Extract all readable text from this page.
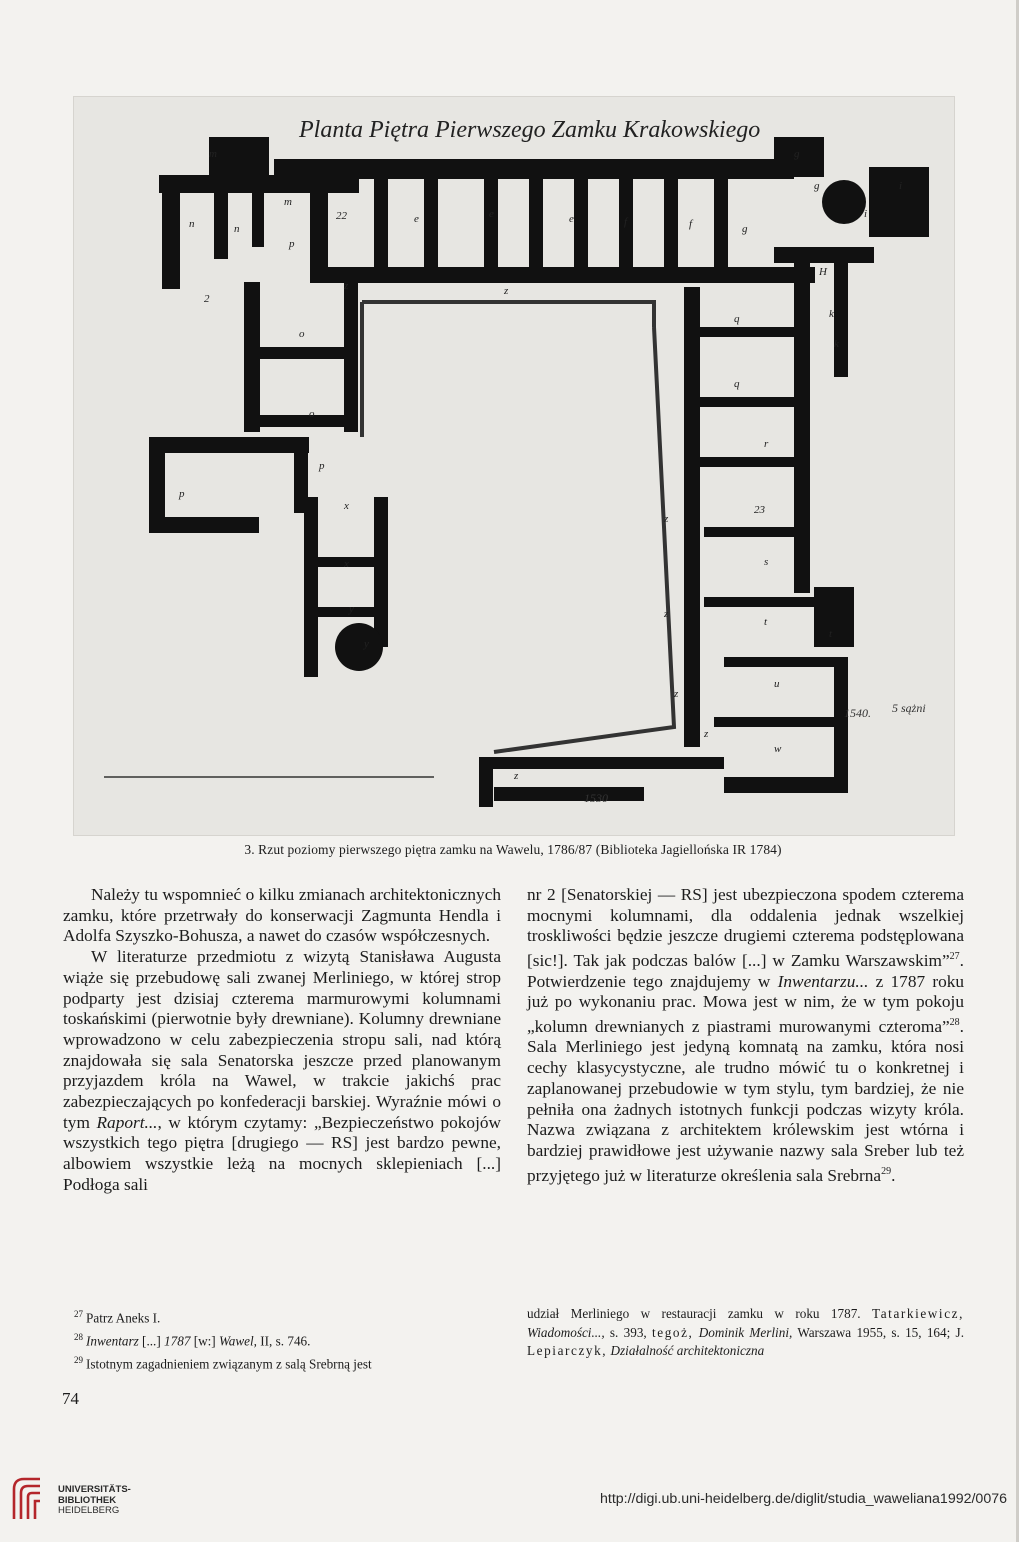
Planta Piętra Pierwszego Zamku Krakowskiego
m
m
n	n
p
o
o
p
p
x
x
y
y
e	e	e	f	f
g
g
g
i
i
H
k
k
q
q
r
s
t
t
u
w
z	z
z
z
z
z
z
22
23
2
1540. 5 sążni
1530
3. Rzut poziomy pierwszego piętra zamku na Wawelu, 1786/87 (Biblioteka Jagiellońska IR 1784)

Należy tu wspomnieć o kilku zmianach architektonicznych zamku, które przetrwały do konserwacji Zagmunta Hendla i Adolfa Szyszko-Bohusza, a nawet do czasów współczesnych.

W literaturze przedmiotu z wizytą Stanisława Augusta wiąże się przebudowę sali zwanej Merliniego, w której strop podparty jest dzisiaj czterema marmurowymi kolumnami toskańskimi (pierwotnie były drewniane). Kolumny drewniane wprowadzono w celu zabezpieczenia stropu sali, nad którą znajdowała się sala Senatorska jeszcze przed planowanym przyjazdem króla na Wawel, w trakcie jakichś prac zabezpieczających po konfederacji barskiej. Wyraźnie mówi o tym Raport..., w którym czytamy: „Bezpieczeństwo pokojów wszystkich tego piętra [drugiego — RS] jest bardzo pewne, albowiem wszystkie leżą na mocnych sklepieniach [...] Podłoga sali

nr 2 [Senatorskiej — RS] jest ubezpieczona spodem czterema mocnymi kolumnami, dla oddalenia jednak wszelkiej troskliwości będzie jeszcze drugiemi czterema podstęplowana [sic!]. Tak jak podczas balów [...] w Zamku Warszawskim”$^{27}$. Potwierdzenie tego znajdujemy w Inwentarzu... z 1787 roku już po wykonaniu prac. Mowa jest w nim, że w tym pokoju „kolumn drewnianych z piastrami murowanymi czteroma”$^{28}$. Sala Merliniego jest jedyną komnatą na zamku, która nosi cechy klasycystyczne, ale trudno mówić tu o konkretnej i zaplanowanej przebudowie w tym stylu, tym bardziej, że nie pełniła ona żadnych istotnych funkcji podczas wizyty króla. Nazwa związana z architektem królewskim jest wtórna i bardziej prawidłowe jest używanie nazwy sala Sreber lub też przyjętego już w literaturze określenia sala Srebrna$^{29}$.

$^{27}$ Patrz Aneks I.

$^{28}$ Inwentarz [...] 1787 [w:] Wawel, II, s. 746.

$^{29}$ Istotnym zagadnieniem związanym z salą Srebrną jest

udział Merliniego w restauracji zamku w roku 1787. Tatarkiewicz, Wiadomości..., s. 393, tegoż, Dominik Merlini, Warszawa 1955, s. 15, 164; J. Lepiarczyk, Działalność architektoniczna

74
UNIVERSITÄTS-
BIBLIOTHEK
HEIDELBERG
http://digi.ub.uni-heidelberg.de/diglit/studia_waweliana1992/0076
